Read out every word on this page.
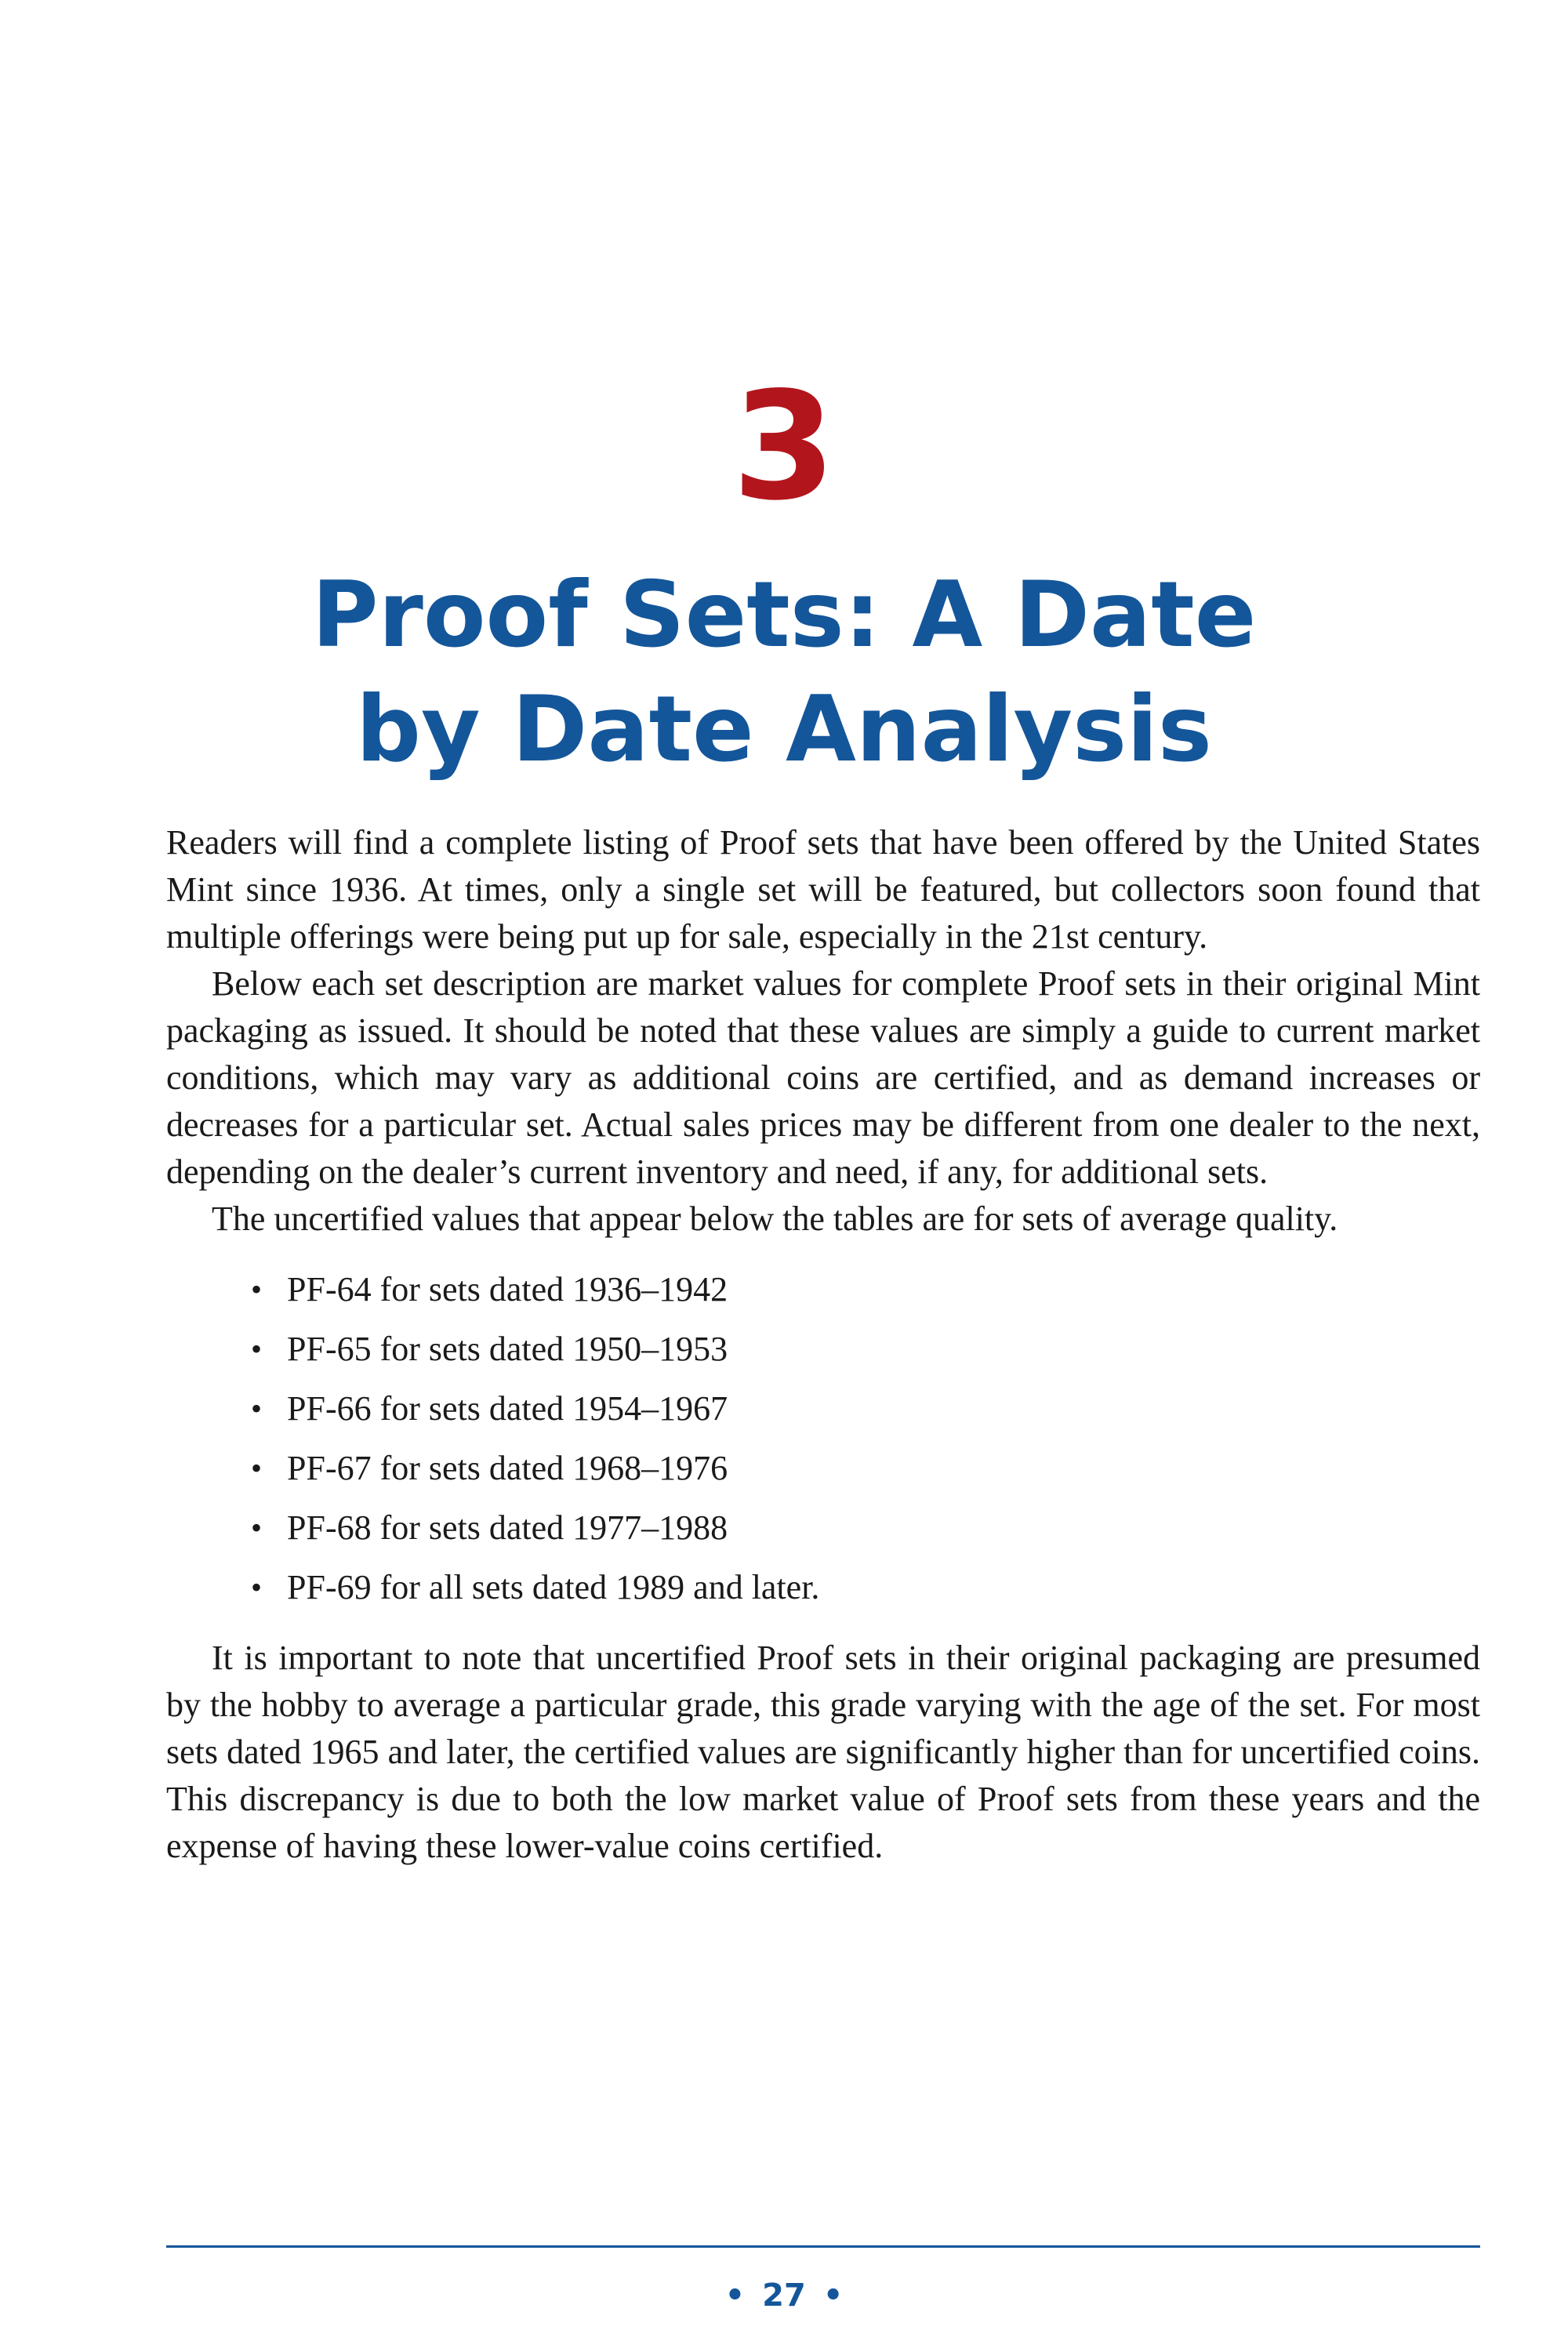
3
Proof Sets: A Date
by Date Analysis

Readers will find a complete listing of Proof sets that have been offered by the United States Mint since 1936. At times, only a single set will be featured, but collectors soon found that multiple offerings were being put up for sale, especially in the 21st century.

Below each set description are market values for complete Proof sets in their original Mint packaging as issued. It should be noted that these values are simply a guide to current market conditions, which may vary as additional coins are certified, and as demand increases or decreases for a particular set. Actual sales prices may be different from one dealer to the next, depending on the dealer’s current inventory and need, if any, for additional sets.

The uncertified values that appear below the tables are for sets of average quality.

• PF-64 for sets dated 1936–1942
• PF-65 for sets dated 1950–1953
• PF-66 for sets dated 1954–1967
• PF-67 for sets dated 1968–1976
• PF-68 for sets dated 1977–1988
• PF-69 for all sets dated 1989 and later.

It is important to note that uncertified Proof sets in their original packaging are presumed by the hobby to average a particular grade, this grade varying with the age of the set. For most sets dated 1965 and later, the certified values are significantly higher than for uncertified coins. This discrepancy is due to both the low market value of Proof sets from these years and the expense of having these lower-value coins certified.

• 27 •
